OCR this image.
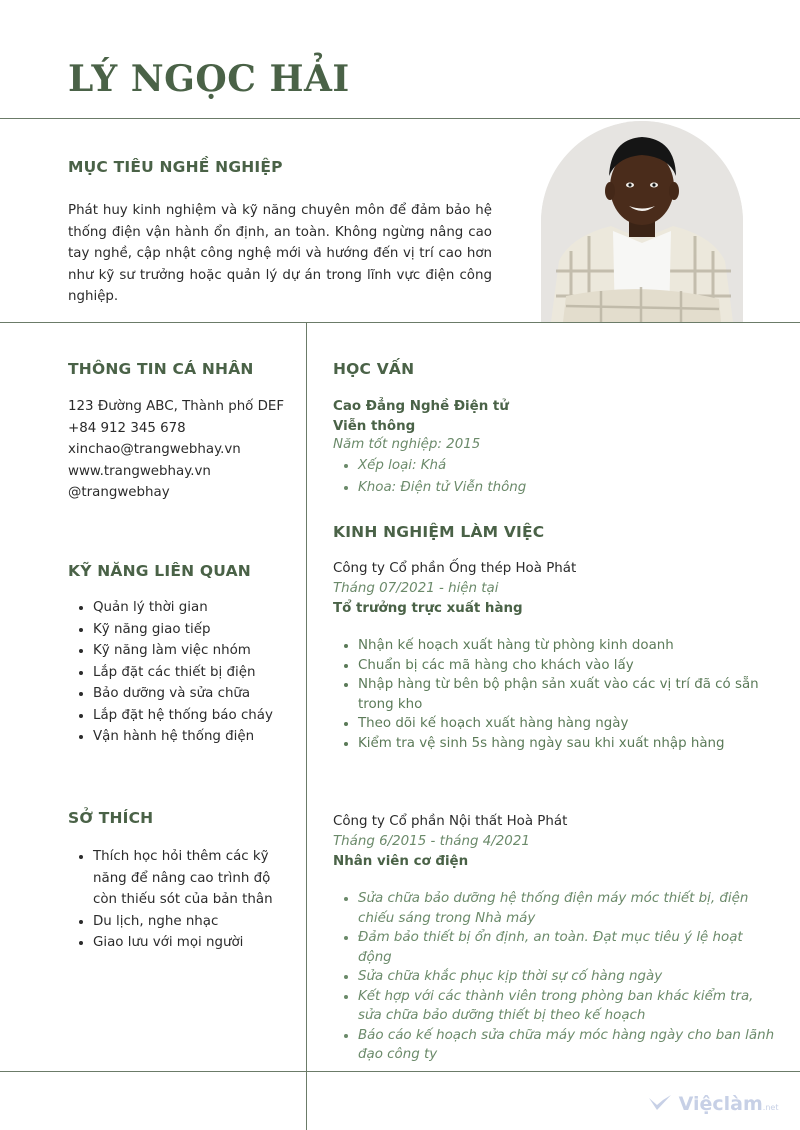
LÝ NGỌC HẢI
MỤC TIÊU NGHỀ NGHIỆP

Phát huy kinh nghiệm và kỹ năng chuyên môn để đảm bảo hệ thống điện vận hành ổn định, an toàn. Không ngừng nâng cao tay nghề, cập nhật công nghệ mới và hướng đến vị trí cao hơn như kỹ sư trưởng hoặc quản lý dự án trong lĩnh vực điện công nghiệp.

THÔNG TIN CÁ NHÂN
123 Đường ABC, Thành phố DEF
+84 912 345 678
xinchao@trangwebhay.vn
www.trangwebhay.vn
@trangwebhay
KỸ NĂNG LIÊN QUAN
• Quản lý thời gian
• Kỹ năng giao tiếp
• Kỹ năng làm việc nhóm
• Lắp đặt các thiết bị điện
• Bảo dưỡng và sửa chữa
• Lắp đặt hệ thống báo cháy
• Vận hành hệ thống điện
SỞ THÍCH
• Thích học hỏi thêm các kỹ năng để nâng cao trình độ còn thiếu sót của bản thân
• Du lịch, nghe nhạc
• Giao lưu với mọi người
HỌC VẤN

Cao Đẳng Nghề Điện tử Viễn thông

Năm tốt nghiệp: 2015

• Xếp loại: Khá
• Khoa: Điện tử Viễn thông
KINH NGHIỆM LÀM VIỆC

Công ty Cổ phần Ống thép Hoà Phát

Tháng 07/2021 - hiện tại

Tổ trưởng trực xuất hàng

• Nhận kế hoạch xuất hàng từ phòng kinh doanh
• Chuẩn bị các mã hàng cho khách vào lấy
• Nhập hàng từ bên bộ phận sản xuất vào các vị trí đã có sẵn trong kho
• Theo dõi kế hoạch xuất hàng hàng ngày
• Kiểm tra vệ sinh 5s hàng ngày sau khi xuất nhập hàng

Công ty Cổ phần Nội thất Hoà Phát

Tháng 6/2015 - tháng 4/2021

Nhân viên cơ điện

• Sửa chữa bảo dưỡng hệ thống điện máy móc thiết bị, điện chiếu sáng trong Nhà máy
• Đảm bảo thiết bị ổn định, an toàn. Đạt mục tiêu ý lệ hoạt động
• Sửa chữa khắc phục kịp thời sự cố hàng ngày
• Kết hợp với các thành viên trong phòng ban khác kiểm tra, sửa chữa bảo dưỡng thiết bị theo kế hoạch
• Báo cáo kế hoạch sửa chữa máy móc hàng ngày cho ban lãnh đạo công ty
Việclàm.net
